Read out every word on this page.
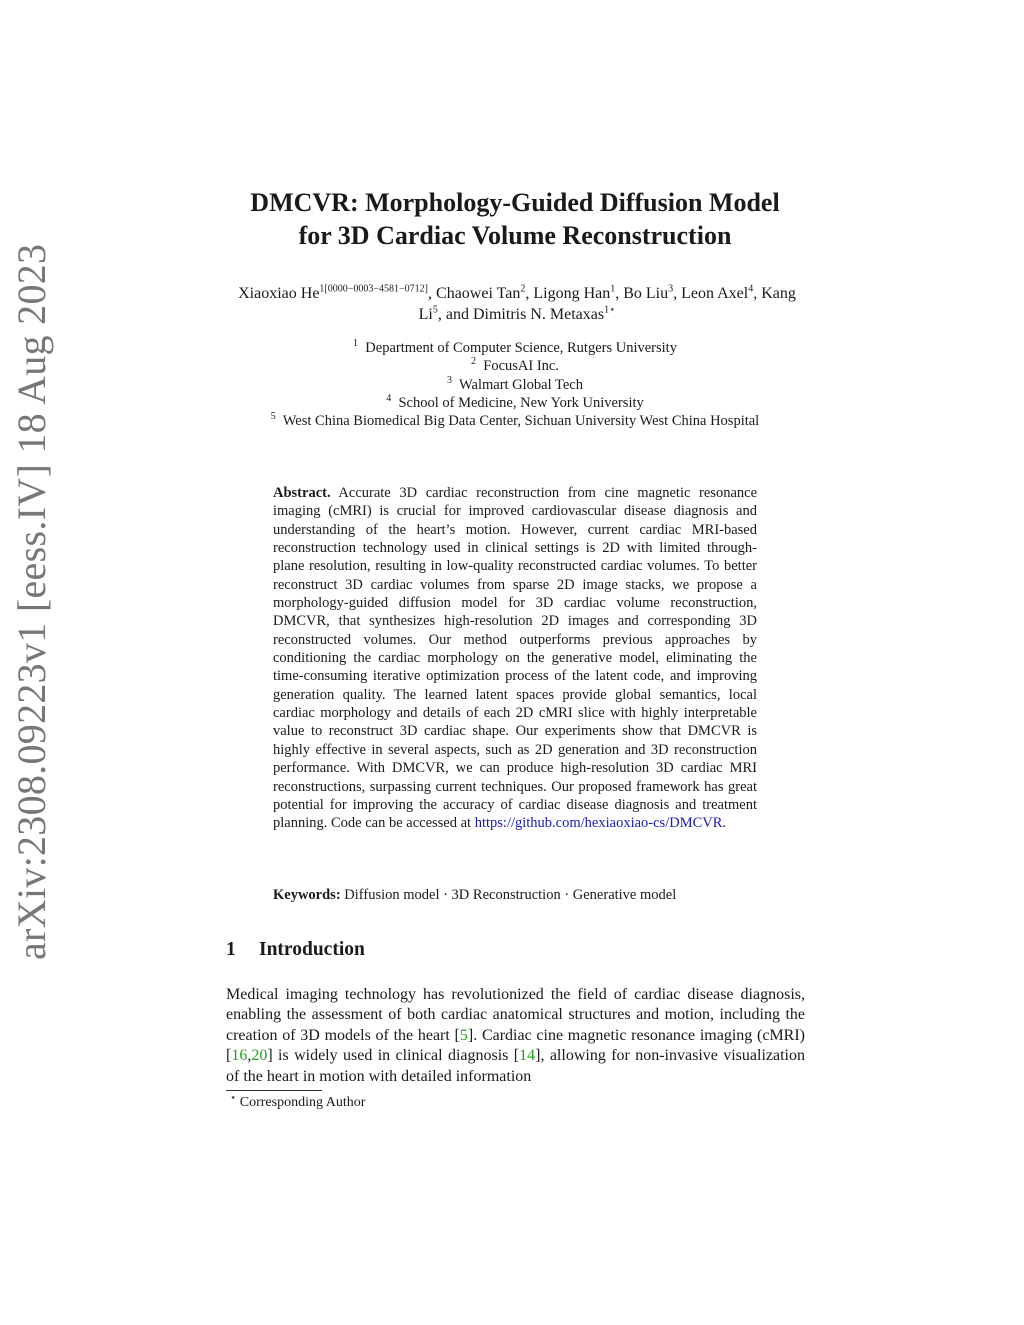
arXiv:2308.09223v1 [eess.IV] 18 Aug 2023
DMCVR: Morphology-Guided Diffusion Model
for 3D Cardiac Volume Reconstruction
Xiaoxiao $He^{1[0000-0003-4581-0712]}$, Chaowei Tan$^2$, Ligong Han$^1$, Bo Liu$^3$, Leon Axel$^4$, Kang Li$^5$, and Dimitris N. Metaxas$^{1⋆}$
$^1$ Department of Computer Science, Rutgers University
$^2$ FocusAI Inc.
$^3$ Walmart Global Tech
$^4$ School of Medicine, New York University
$^5$ West China Biomedical Big Data Center, Sichuan University West China Hospital
Abstract. Accurate 3D cardiac reconstruction from cine magnetic resonance imaging (cMRI) is crucial for improved cardiovascular disease diagnosis and understanding of the heart’s motion. However, current cardiac MRI-based reconstruction technology used in clinical settings is 2D with limited through-plane resolution, resulting in low-quality reconstructed cardiac volumes. To better reconstruct 3D cardiac volumes from sparse 2D image stacks, we propose a morphology-guided diffusion model for 3D cardiac volume reconstruction, DMCVR, that synthesizes high-resolution 2D images and corresponding 3D reconstructed volumes. Our method outperforms previous approaches by conditioning the cardiac morphology on the generative model, eliminating the time-consuming iterative optimization process of the latent code, and improving generation quality. The learned latent spaces provide global semantics, local cardiac morphology and details of each 2D cMRI slice with highly interpretable value to reconstruct 3D cardiac shape. Our experiments show that DMCVR is highly effective in several aspects, such as 2D generation and 3D reconstruction performance. With DMCVR, we can produce high-resolution 3D cardiac MRI reconstructions, surpassing current techniques. Our proposed framework has great potential for improving the accuracy of cardiac disease diagnosis and treatment planning. Code can be accessed at https://github.com/hexiaoxiao-cs/DMCVR.
Keywords: Diffusion model · 3D Reconstruction · Generative model
1 Introduction
Medical imaging technology has revolutionized the field of cardiac disease diagnosis, enabling the assessment of both cardiac anatomical structures and motion, including the creation of 3D models of the heart [5]. Cardiac cine magnetic resonance imaging (cMRI) [16,20] is widely used in clinical diagnosis [14], allowing for non-invasive visualization of the heart in motion with detailed information
⋆ Corresponding Author
